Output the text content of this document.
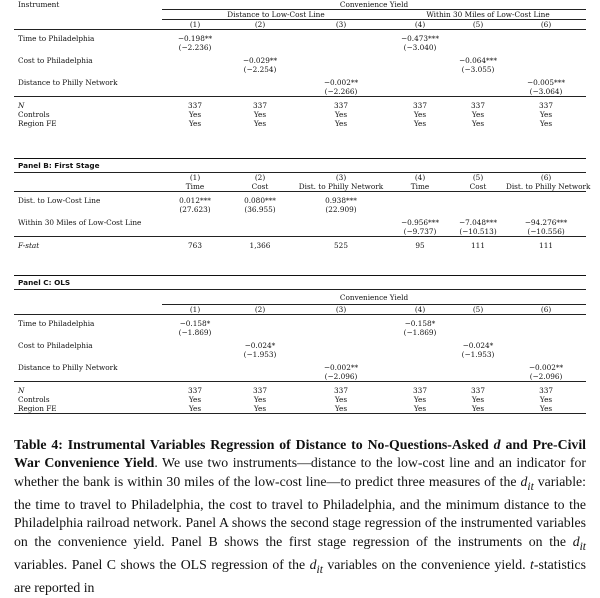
Instrument	Convenience Yield					
	Distance to Low-Cost Line			Within 30 Miles of Low-Cost Line		
	(1)	(2)	(3)	(4)	(5)	(6)

Time to Philadelphia	−0.198**			−0.473***		
	(−2.236)			(−3.040)		

Cost to Philadelphia		−0.029**			−0.064***	
		(−2.254)			(−3.055)	

Distance to Philly Network			−0.002**			−0.005***
			(−2.266)			(−3.064)

N	337	337	337	337	337	337
Controls	Yes	Yes	Yes	Yes	Yes	Yes
Region FE	Yes	Yes	Yes	Yes	Yes	Yes
Panel B: First Stage						
	(1)	(2)	(3)	(4)	(5)	(6)
	Time	Cost	Dist. to Philly Network	Time	Cost	Dist. to Philly Network

Dist. to Low-Cost Line	0.012***	0.080***	0.938***			
	(27.623)	(36.955)	(22.909)			

Within 30 Miles of Low-Cost Line				−0.956***	−7.048***	−94.276***
				(−9.737)	(−10.513)	(−10.556)

F-stat	763	1,366	525	95	111	111
Panel C: OLS						
	Convenience Yield					
	(1)	(2)	(3)	(4)	(5)	(6)

Time to Philadelphia	−0.158*			−0.158*		
	(−1.869)			(−1.869)		

Cost to Philadelphia		−0.024*			−0.024*	
		(−1.953)			(−1.953)	

Distance to Philly Network			−0.002**			−0.002**
			(−2.096)			(−2.096)

N	337	337	337	337	337	337
Controls	Yes	Yes	Yes	Yes	Yes	Yes
Region FE	Yes	Yes	Yes	Yes	Yes	Yes
Table 4: Instrumental Variables Regression of Distance to No-Questions-Asked d and Pre-Civil War Convenience Yield. We use two instruments—distance to the low-cost line and an indicator for whether the bank is within 30 miles of the low-cost line—to predict three measures of the $d_{it}$ variable: the time to travel to Philadelphia, the cost to travel to Philadelphia, and the minimum distance to the Philadelphia railroad network. Panel A shows the second stage regression of the instrumented variables on the convenience yield. Panel B shows the first stage regression of the instruments on the $d_{it}$ variables. Panel C shows the OLS regression of the $d_{it}$ variables on the convenience yield. t-statistics are reported in
